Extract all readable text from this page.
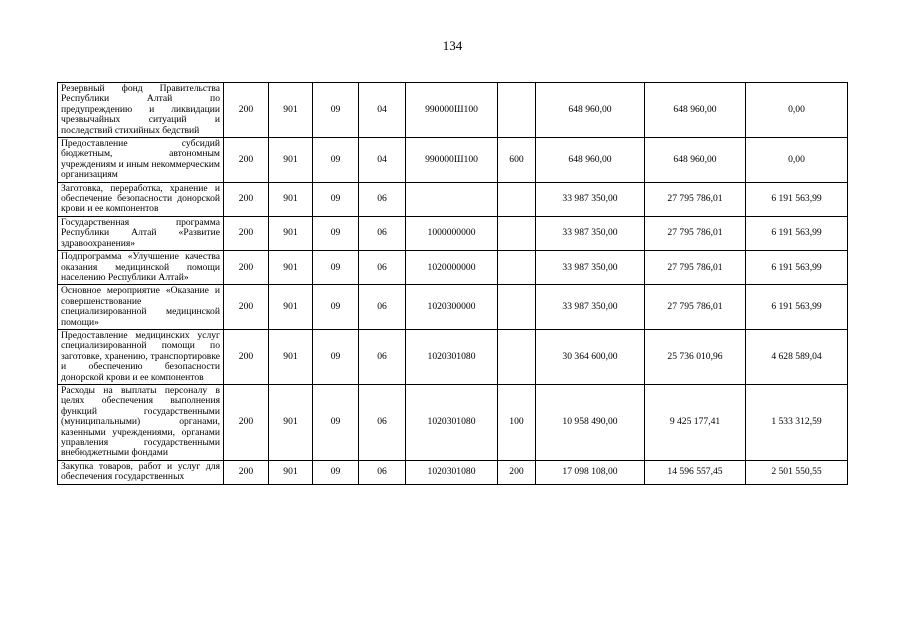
134
Резервный фонд Правительства Республики Алтай по предупреждению и ликвидации чрезвычайных ситуаций и последствий стихийных бедствий	200	901	09	04	990000Ш100		648 960,00	648 960,00	0,00
Предоставление субсидий бюджетным, автономным учреждениям и иным некоммерческим организациям	200	901	09	04	990000Ш100	600	648 960,00	648 960,00	0,00
Заготовка, переработка, хранение и обеспечение безопасности донорской крови и ее компонентов	200	901	09	06			33 987 350,00	27 795 786,01	6 191 563,99
Государственная программа Республики Алтай «Развитие здравоохранения»	200	901	09	06	1000000000		33 987 350,00	27 795 786,01	6 191 563,99
Подпрограмма «Улучшение качества оказания медицинской помощи населению Республики Алтай»	200	901	09	06	1020000000		33 987 350,00	27 795 786,01	6 191 563,99
Основное мероприятие «Оказание и совершенствование специализированной медицинской помощи»	200	901	09	06	1020300000		33 987 350,00	27 795 786,01	6 191 563,99
Предоставление медицинских услуг специализированной помощи по заготовке, хранению, транспортировке и обеспечению безопасности донорской крови и ее компонентов	200	901	09	06	1020301080		30 364 600,00	25 736 010,96	4 628 589,04
Расходы на выплаты персоналу в целях обеспечения выполнения функций государственными (муниципальными) органами, казенными учреждениями, органами управления государственными внебюджетными фондами	200	901	09	06	1020301080	100	10 958 490,00	9 425 177,41	1 533 312,59
Закупка товаров, работ и услуг для обеспечения государственных	200	901	09	06	1020301080	200	17 098 108,00	14 596 557,45	2 501 550,55
